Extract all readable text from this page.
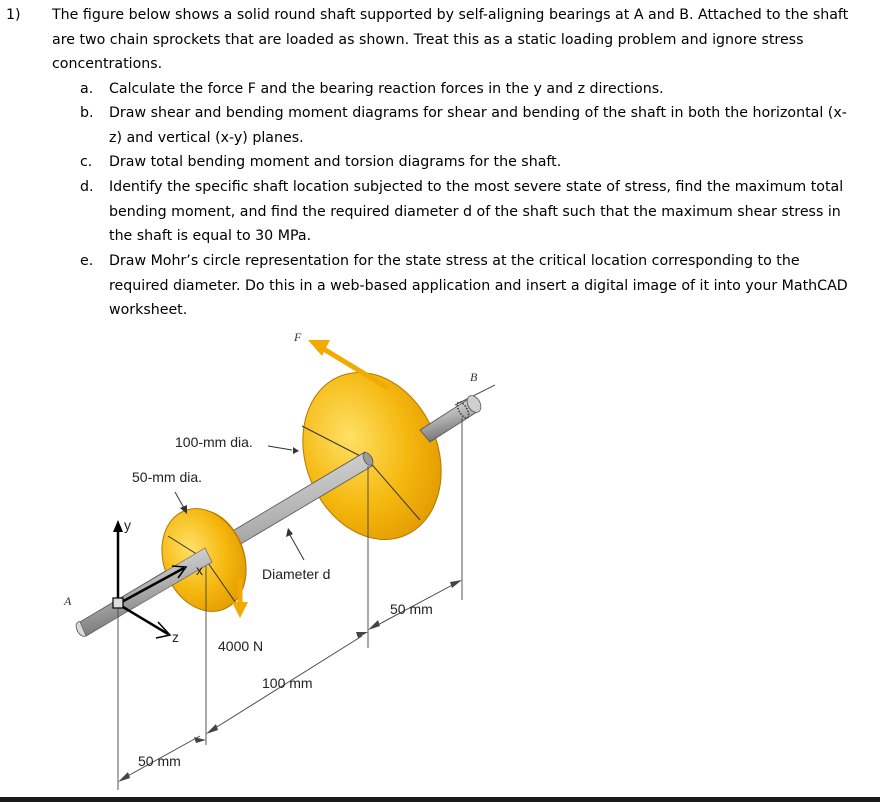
1) The figure below shows a solid round shaft supported by self-aligning bearings at A and B. Attached to the shaft are two chain sprockets that are loaded as shown. Treat this as a static loading problem and ignore stress concentrations.
a. Calculate the force F and the bearing reaction forces in the y and z directions.
b. Draw shear and bending moment diagrams for shear and bending of the shaft in both the horizontal (x-z) and vertical (x-y) planes.
c. Draw total bending moment and torsion diagrams for the shaft.
d. Identify the specific shaft location subjected to the most severe state of stress, find the maximum total bending moment, and find the required diameter d of the shaft such that the maximum shear stress in the shaft is equal to 30 MPa.
e. Draw Mohr’s circle representation for the state stress at the critical location corresponding to the required diameter. Do this in a web-based application and insert a digital image of it into your MathCAD worksheet.
F
y
x
z
A
B
100-mm dia.
50-mm dia.
Diameter d
4000 N
50 mm
100 mm
50 mm
